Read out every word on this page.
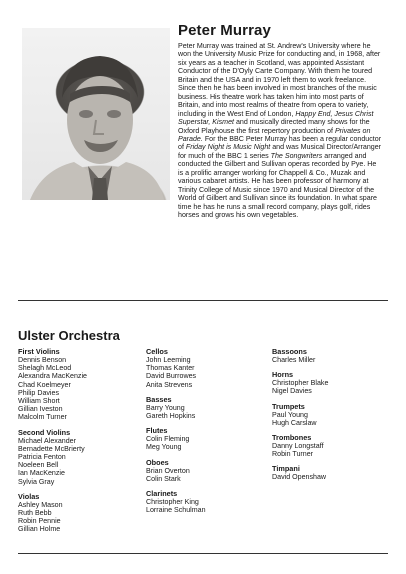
Peter Murray

Peter Murray was trained at St. Andrew's University where he won the University Music Prize for conducting and, in 1968, after six years as a teacher in Scotland, was appointed Assistant Conductor of the D'Oyly Carte Company. With them he toured Britain and the USA and in 1970 left them to work freelance. Since then he has been involved in most branches of the music business. His theatre work has taken him into most parts of Britain, and into most realms of theatre from opera to variety, including in the West End of London, Happy End, Jesus Christ Superstar, Kismet and musically directed many shows for the Oxford Playhouse the first repertory production of Privates on Parade. For the BBC Peter Murray has been a regular conductor of Friday Night is Music Night and was Musical Director/Arranger for much of the BBC 1 series The Songwriters arranged and conducted the Gilbert and Sullivan operas recorded by Pye. He is a prolific arranger working for Chappell & Co., Muzak and various cabaret artists. He has been professor of harmony at Trinity College of Music since 1970 and Musical Director of the World of Gilbert and Sullivan since its foundation. In what spare time he has he runs a small record company, plays golf, rides horses and grows his own vegetables.

Ulster Orchestra
First Violins
Dennis Benson
Shelagh McLeod
Alexandra MacKenzie
Chad Koelmeyer
Philip Davies
William Short
Gillian Iveston
Malcolm Turner
Second Violins
Michael Alexander
Bernadette McBrierty
Patricia Fenton
Noeleen Bell
Ian MacKenzie
Sylvia Gray
Violas
Ashley Mason
Ruth Bebb
Robin Pennie
Gillian Holme
Cellos
John Leeming
Thomas Kanter
David Burrowes
Anita Strevens
Basses
Barry Young
Gareth Hopkins
Flutes
Colin Fleming
Meg Young
Oboes
Brian Overton
Colin Stark
Clarinets
Christopher King
Lorraine Schulman
Bassoons
Charles Miller
Horns
Christopher Blake
Nigel Davies
Trumpets
Paul Young
Hugh Carslaw
Trombones
Danny Longstaff
Robin Turner
Timpani
David Openshaw
